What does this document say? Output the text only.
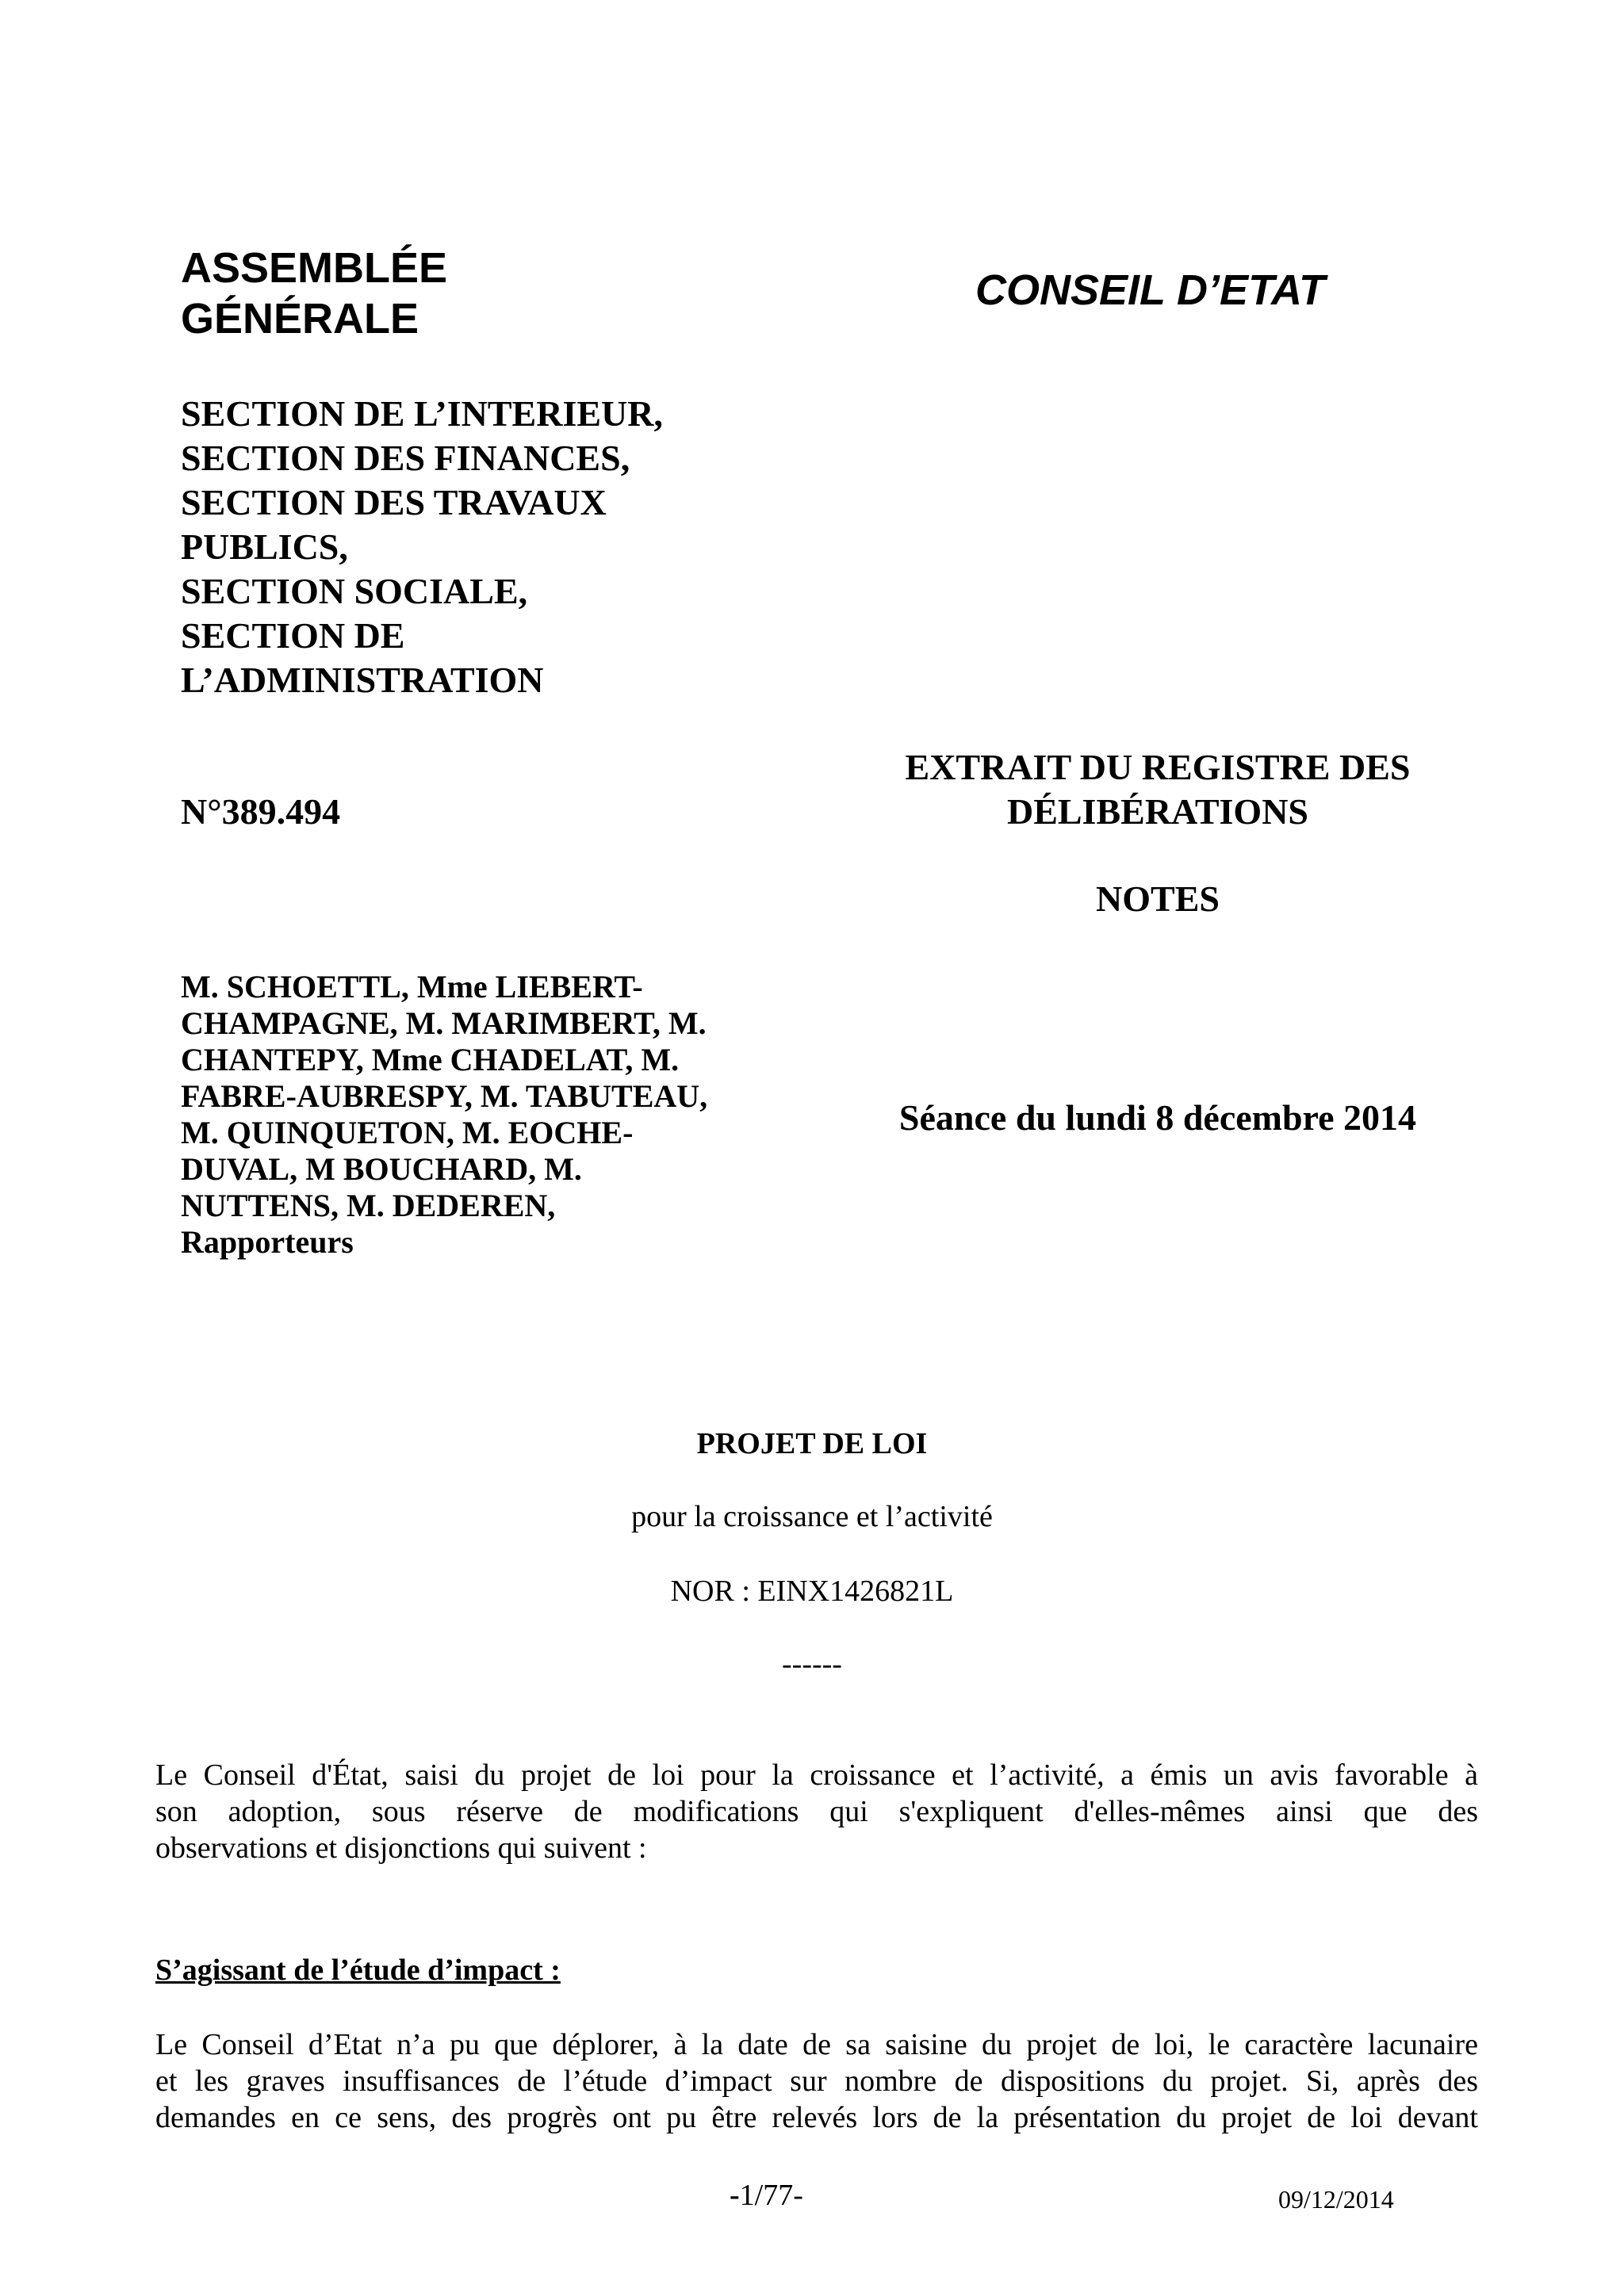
ASSEMBLÉE
GÉNÉRALE
CONSEIL D’ETAT
SECTION DE L’INTERIEUR,
SECTION DES FINANCES,
SECTION DES TRAVAUX
PUBLICS,
SECTION SOCIALE,
SECTION DE
L’ADMINISTRATION
EXTRAIT DU REGISTRE DES
DÉLIBÉRATIONS
N°389.494
NOTES
M. SCHOETTL, Mme LIEBERT-
CHAMPAGNE, M. MARIMBERT, M.
CHANTEPY, Mme CHADELAT, M.
FABRE-AUBRESPY, M. TABUTEAU,
M. QUINQUETON, M. EOCHE-
DUVAL, M BOUCHARD, M.
NUTTENS, M. DEDEREN,
Rapporteurs
Séance du lundi 8 décembre 2014
PROJET DE LOI
pour la croissance et l’activité
NOR : EINX1426821L
------
Le Conseil d'État, saisi du projet de loi pour la croissance et l’activité, a émis un avis favorable à
son adoption, sous réserve de modifications qui s'expliquent d'elles-mêmes ainsi que des
observations et disjonctions qui suivent :
S’agissant de l’étude d’impact :
Le Conseil d’Etat n’a pu que déplorer, à la date de sa saisine du projet de loi, le caractère lacunaire
et les graves insuffisances de l’étude d’impact sur nombre de dispositions du projet. Si, après des
demandes en ce sens, des progrès ont pu être relevés lors de la présentation du projet de loi devant
-1/77-	09/12/2014
